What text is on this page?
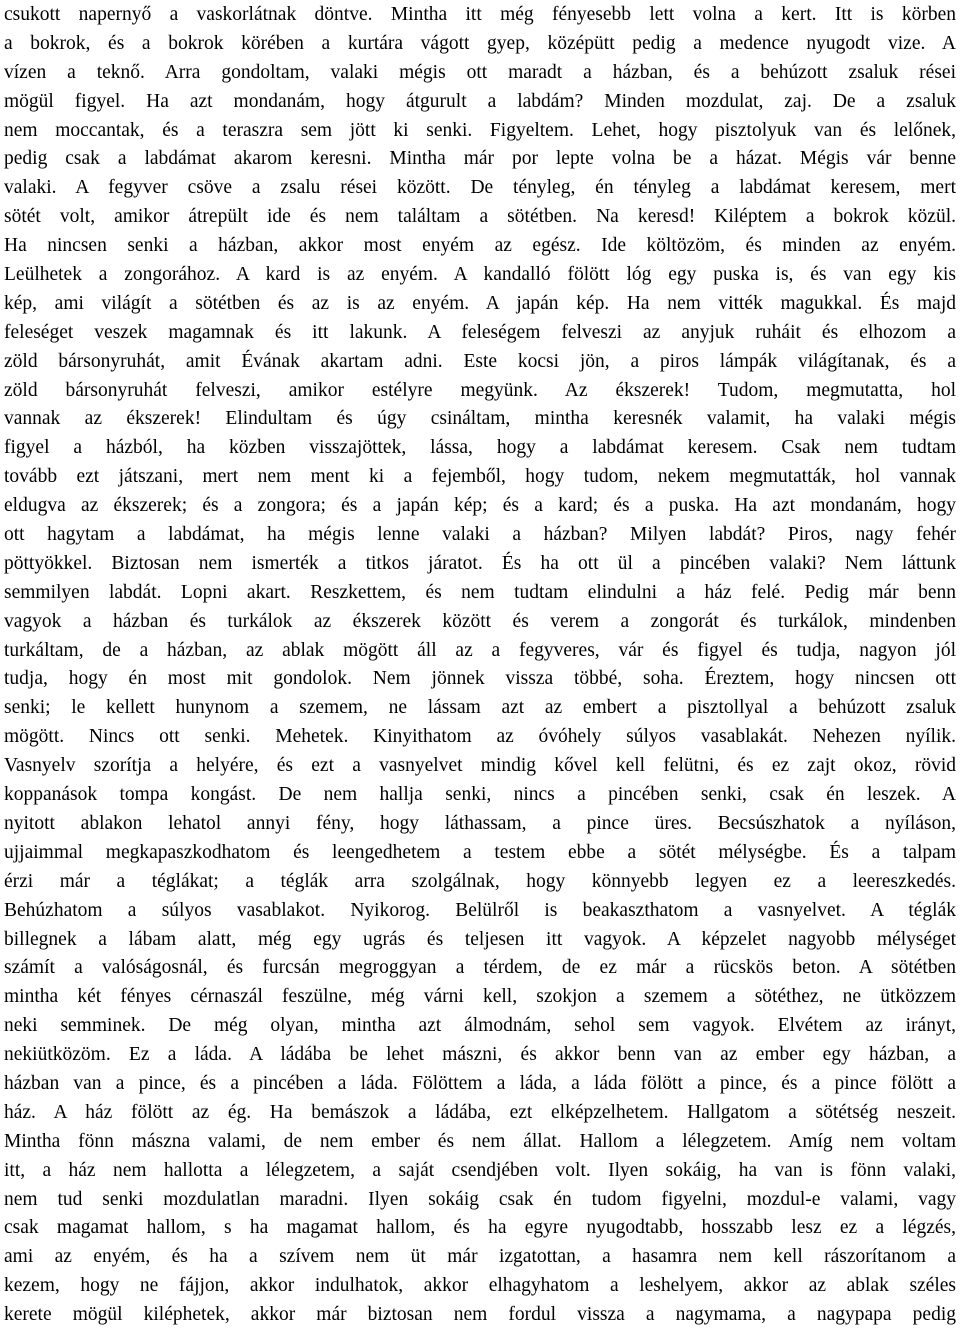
csukott napernyő a vaskorlátnak döntve. Mintha itt még fényesebb lett volna a kert. Itt is körben
a bokrok, és a bokrok körében a kurtára vágott gyep, középütt pedig a medence nyugodt vize. A
vízen a teknő. Arra gondoltam, valaki mégis ott maradt a házban, és a behúzott zsaluk rései
mögül figyel. Ha azt mondanám, hogy átgurult a labdám? Minden mozdulat, zaj. De a zsaluk
nem moccantak, és a teraszra sem jött ki senki. Figyeltem. Lehet, hogy pisztolyuk van és lelőnek,
pedig csak a labdámat akarom keresni. Mintha már por lepte volna be a házat. Mégis vár benne
valaki. A fegyver csöve a zsalu rései között. De tényleg, én tényleg a labdámat keresem, mert
sötét volt, amikor átrepült ide és nem találtam a sötétben. Na keresd! Kiléptem a bokrok közül.
Ha nincsen senki a házban, akkor most enyém az egész. Ide költözöm, és minden az enyém.
Leülhetek a zongorához. A kard is az enyém. A kandalló fölött lóg egy puska is, és van egy kis
kép, ami világít a sötétben és az is az enyém. A japán kép. Ha nem vitték magukkal. És majd
feleséget veszek magamnak és itt lakunk. A feleségem felveszi az anyjuk ruháit és elhozom a
zöld bársonyruhát, amit Évának akartam adni. Este kocsi jön, a piros lámpák világítanak, és a
zöld bársonyruhát felveszi, amikor estélyre megyünk. Az ékszerek! Tudom, megmutatta, hol
vannak az ékszerek! Elindultam és úgy csináltam, mintha keresnék valamit, ha valaki mégis
figyel a házból, ha közben visszajöttek, lássa, hogy a labdámat keresem. Csak nem tudtam
tovább ezt játszani, mert nem ment ki a fejemből, hogy tudom, nekem megmutatták, hol vannak
eldugva az ékszerek; és a zongora; és a japán kép; és a kard; és a puska. Ha azt mondanám, hogy
ott hagytam a labdámat, ha mégis lenne valaki a házban? Milyen labdát? Piros, nagy fehér
pöttyökkel. Biztosan nem ismerték a titkos járatot. És ha ott ül a pincében valaki? Nem láttunk
semmilyen labdát. Lopni akart. Reszkettem, és nem tudtam elindulni a ház felé. Pedig már benn
vagyok a házban és turkálok az ékszerek között és verem a zongorát és turkálok, mindenben
turkáltam, de a házban, az ablak mögött áll az a fegyveres, vár és figyel és tudja, nagyon jól
tudja, hogy én most mit gondolok. Nem jönnek vissza többé, soha. Éreztem, hogy nincsen ott
senki; le kellett hunynom a szemem, ne lássam azt az embert a pisztollyal a behúzott zsaluk
mögött. Nincs ott senki. Mehetek. Kinyithatom az óvóhely súlyos vasablakát. Nehezen nyílik.
Vasnyelv szorítja a helyére, és ezt a vasnyelvet mindig kővel kell felütni, és ez zajt okoz, rövid
koppanások tompa kongást. De nem hallja senki, nincs a pincében senki, csak én leszek. A
nyitott ablakon lehatol annyi fény, hogy láthassam, a pince üres. Becsúszhatok a nyíláson,
ujjaimmal megkapaszkodhatom és leengedhetem a testem ebbe a sötét mélységbe. És a talpam
érzi már a téglákat; a téglák arra szolgálnak, hogy könnyebb legyen ez a leereszkedés.
Behúzhatom a súlyos vasablakot. Nyikorog. Belülről is beakaszthatom a vasnyelvet. A téglák
billegnek a lábam alatt, még egy ugrás és teljesen itt vagyok. A képzelet nagyobb mélységet
számít a valóságosnál, és furcsán megroggyan a térdem, de ez már a rücskös beton. A sötétben
mintha két fényes cérnaszál feszülne, még várni kell, szokjon a szemem a sötéthez, ne ütközzem
neki semminek. De még olyan, mintha azt álmodnám, sehol sem vagyok. Elvétem az irányt,
nekiütközöm. Ez a láda. A ládába be lehet mászni, és akkor benn van az ember egy házban, a
házban van a pince, és a pincében a láda. Fölöttem a láda, a láda fölött a pince, és a pince fölött a
ház. A ház fölött az ég. Ha bemászok a ládába, ezt elképzelhetem. Hallgatom a sötétség neszeit.
Mintha fönn mászna valami, de nem ember és nem állat. Hallom a lélegzetem. Amíg nem voltam
itt, a ház nem hallotta a lélegzetem, a saját csendjében volt. Ilyen sokáig, ha van is fönn valaki,
nem tud senki mozdulatlan maradni. Ilyen sokáig csak én tudom figyelni, mozdul-e valami, vagy
csak magamat hallom, s ha magamat hallom, és ha egyre nyugodtabb, hosszabb lesz ez a légzés,
ami az enyém, és ha a szívem nem üt már izgatottan, a hasamra nem kell rászorítanom a
kezem, hogy ne fájjon, akkor indulhatok, akkor elhagyhatom a leshelyem, akkor az ablak széles
kerete mögül kiléphetek, akkor már biztosan nem fordul vissza a nagymama, a nagypapa pedig
